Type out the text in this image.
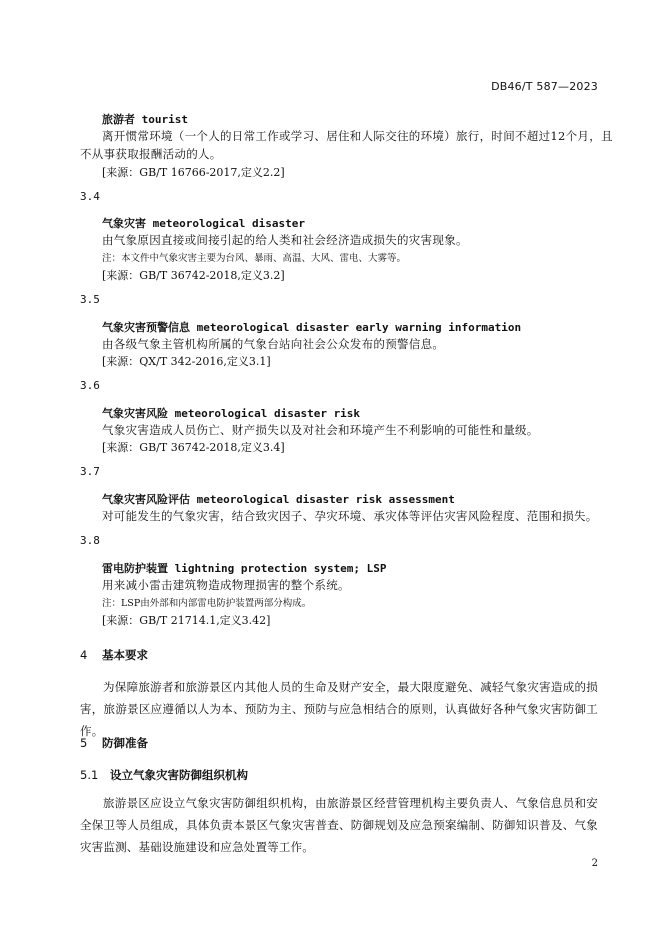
DB46/T 587—2023
旅游者 tourist
离开惯常环境（一个人的日常工作或学习、居住和人际交往的环境）旅行，时间不超过12个月，且
不从事获取报酬活动的人。
[来源：GB/T 16766-2017,定义2.2]
3.4
气象灾害 meteorological disaster
由气象原因直接或间接引起的给人类和社会经济造成损失的灾害现象。
注：本文件中气象灾害主要为台风、暴雨、高温、大风、雷电、大雾等。
[来源：GB/T 36742-2018,定义3.2]
3.5
气象灾害预警信息 meteorological disaster early warning information
由各级气象主管机构所属的气象台站向社会公众发布的预警信息。
[来源：QX/T 342-2016,定义3.1]
3.6
气象灾害风险 meteorological disaster risk
气象灾害造成人员伤亡、财产损失以及对社会和环境产生不利影响的可能性和量级。
[来源：GB/T 36742-2018,定义3.4]
3.7
气象灾害风险评估 meteorological disaster risk assessment
对可能发生的气象灾害，结合致灾因子、孕灾环境、承灾体等评估灾害风险程度、范围和损失。
3.8
雷电防护装置 lightning protection system; LSP
用来减小雷击建筑物造成物理损害的整个系统。
注：LSP由外部和内部雷电防护装置两部分构成。
[来源：GB/T 21714.1,定义3.42]
4 基本要求
为保障旅游者和旅游景区内其他人员的生命及财产安全，最大限度避免、减轻气象灾害造成的损害，旅游景区应遵循以人为本、预防为主、预防与应急相结合的原则，认真做好各种气象灾害防御工作。
5 防御准备
5.1 设立气象灾害防御组织机构
旅游景区应设立气象灾害防御组织机构，由旅游景区经营管理机构主要负责人、气象信息员和安全保卫等人员组成，具体负责本景区气象灾害普查、防御规划及应急预案编制、防御知识普及、气象灾害监测、基础设施建设和应急处置等工作。
2
